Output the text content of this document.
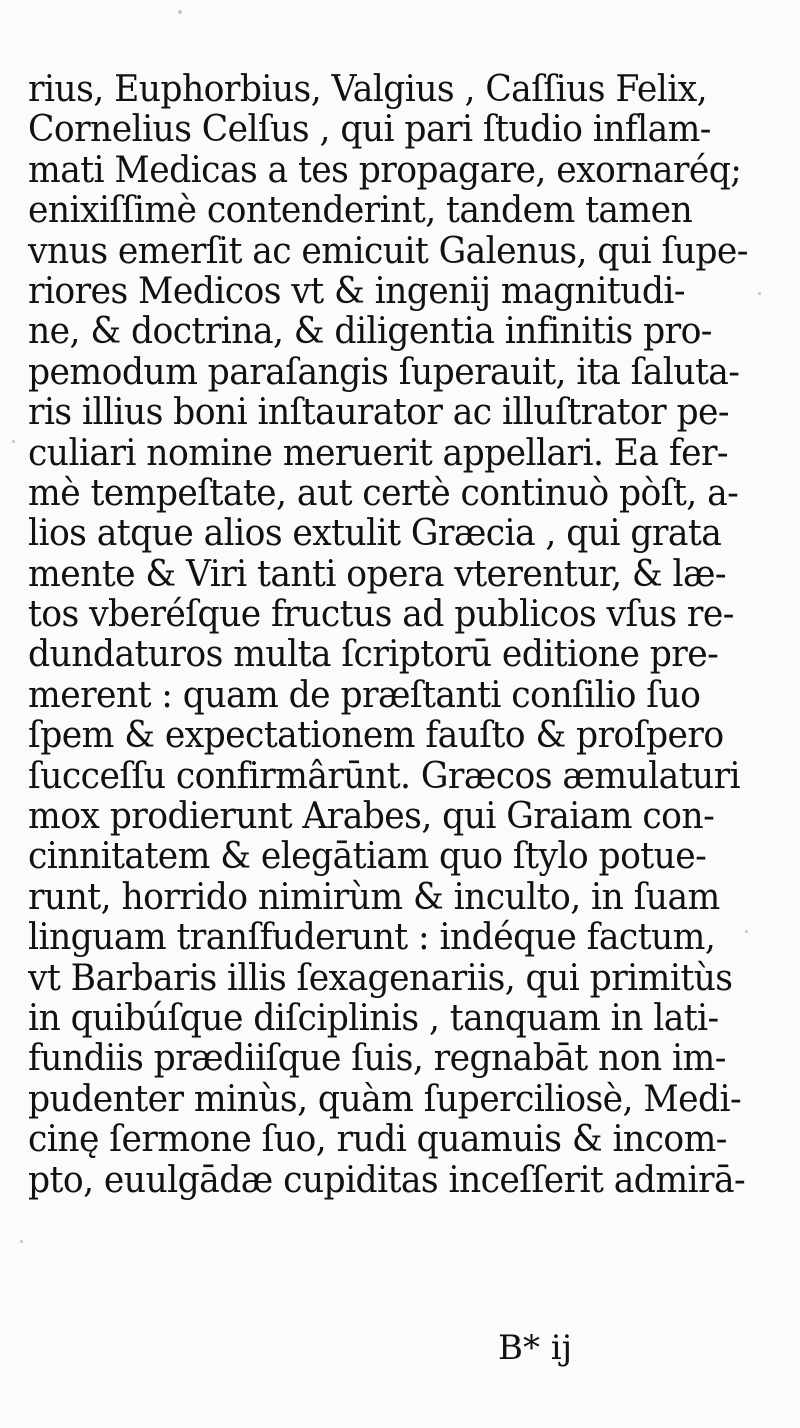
rius, Euphorbius, Valgius , Caſſius Felix,
Cornelius Celſus , qui pari ſtudio inflam-
mati Medicas a tes propagare, exornaréq;
enixiſſimè contenderint, tandem tamen
vnus emerſit ac emicuit Galenus, qui ſupe-
riores Medicos vt & ingenij magnitudi-
ne, & doctrina, & diligentia infinitis pro-
pemodum paraſangis ſuperauit, ita ſaluta-
ris illius boni inſtaurator ac illuſtrator pe-
culiari nomine meruerit appellari. Ea fer-
mè tempeſtate, aut certè continuò pòſt, a-
lios atque alios extulit Græcia , qui grata
mente & Viri tanti opera vterentur, & læ-
tos vberéſque fructus ad publicos vſus re-
dundaturos multa ſcriptorū editione pre-
merent : quam de præſtanti conſilio ſuo
ſpem & expectationem fauſto & proſpero
ſucceſſu confirmârūnt. Græcos æmulaturi
mox prodierunt Arabes, qui Graiam con-
cinnitatem & elegātiam quo ſtylo potue-
runt, horrido nimirùm & inculto, in ſuam
linguam tranſfuderunt : indéque factum,
vt Barbaris illis ſexagenariis, qui primitùs
in quibúſque diſciplinis , tanquam in lati-
fundiis prædiiſque ſuis, regnabāt non im-
pudenter minùs, quàm ſuperciliosè, Medi-
cinę ſermone ſuo, rudi quamuis & incom-
pto, euulgādæ cupiditas inceſſerit admirā-
B* ij
